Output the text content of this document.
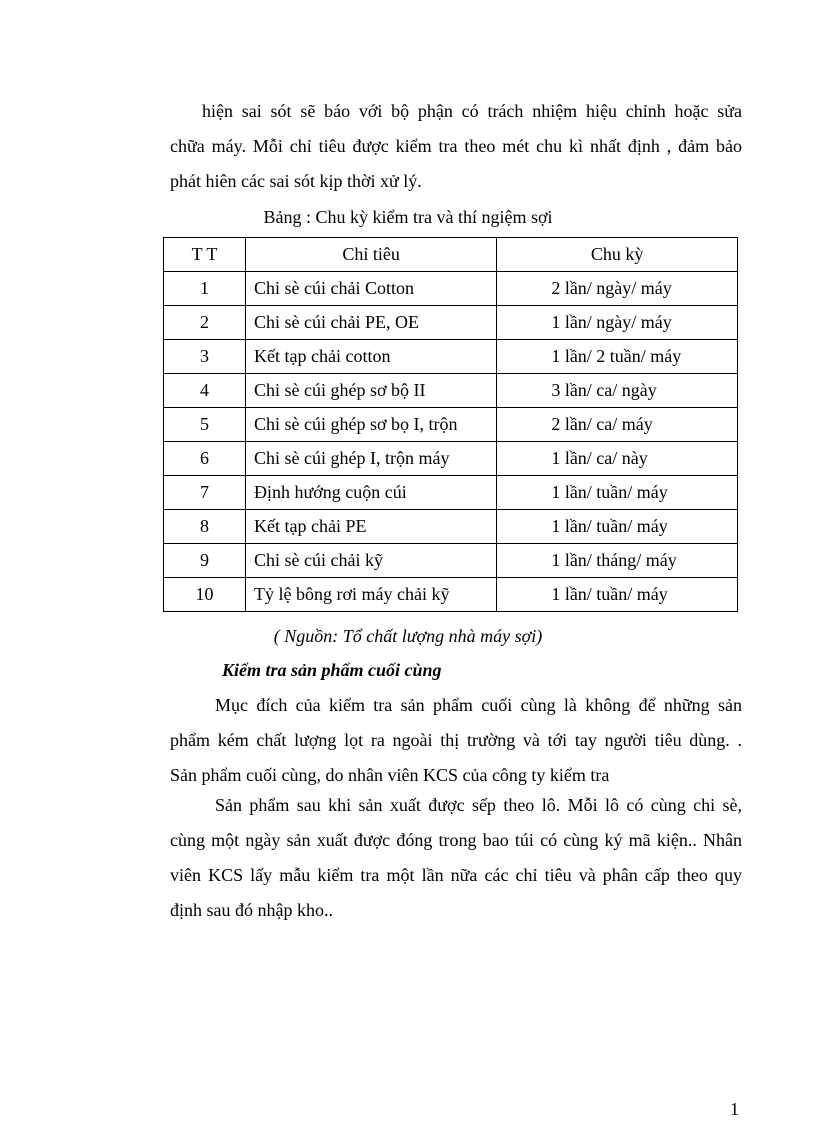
hiện sai sót sẽ báo với bộ phận có trách nhiệm hiệu chỉnh hoặc sửa
chữa máy. Mỗi chỉ tiêu được kiểm tra theo mét chu kì nhất định , đảm bảo
phát hiên các sai sót kịp thời xử lý.

Bảng : Chu kỳ kiểm tra và thí ngiệm sợi
T T	Chỉ tiêu	Chu kỳ
1	Chi sè cúi chải Cotton	2 lần/ ngày/ máy
2	Chi sè cúi chải PE, OE	1 lần/ ngày/ máy
3	Kết tạp chải cotton	1 lần/ 2 tuần/ máy
4	Chi sè cúi ghép sơ bộ II	3 lần/ ca/ ngày
5	Chi sè cúi ghép sơ bọ I, trộn	2 lần/ ca/ máy
6	Chi sè cúi ghép I, trộn máy	1 lần/ ca/ này
7	Định hướng cuộn cúi	1 lần/ tuần/ máy
8	Kết tạp chải PE	1 lần/ tuần/ máy
9	Chi sè cúi chải kỹ	1 lần/ tháng/ máy
10	Tỷ lệ bông rơi máy chải kỹ	1 lần/ tuần/ máy
( Nguồn: Tổ chất lượng nhà máy sợi)
Kiểm tra sản phẩm cuối cùng

Mục đích của kiểm tra sản phẩm cuối cùng là không để những sản
phẩm kém chất lượng lọt ra ngoài thị trường và tới tay người tiêu dùng. .
Sản phẩm cuối cùng, do nhân viên KCS của công ty kiểm tra

Sản phẩm sau khi sản xuất được sếp theo lô. Mỗi lô có cùng chi sè,
cùng một ngày sản xuất được đóng trong bao túi có cùng ký mã kiện.. Nhân
viên KCS lấy mẫu kiểm tra một lần nữa các chỉ tiêu và phân cấp theo quy
định sau đó nhập kho..

1
